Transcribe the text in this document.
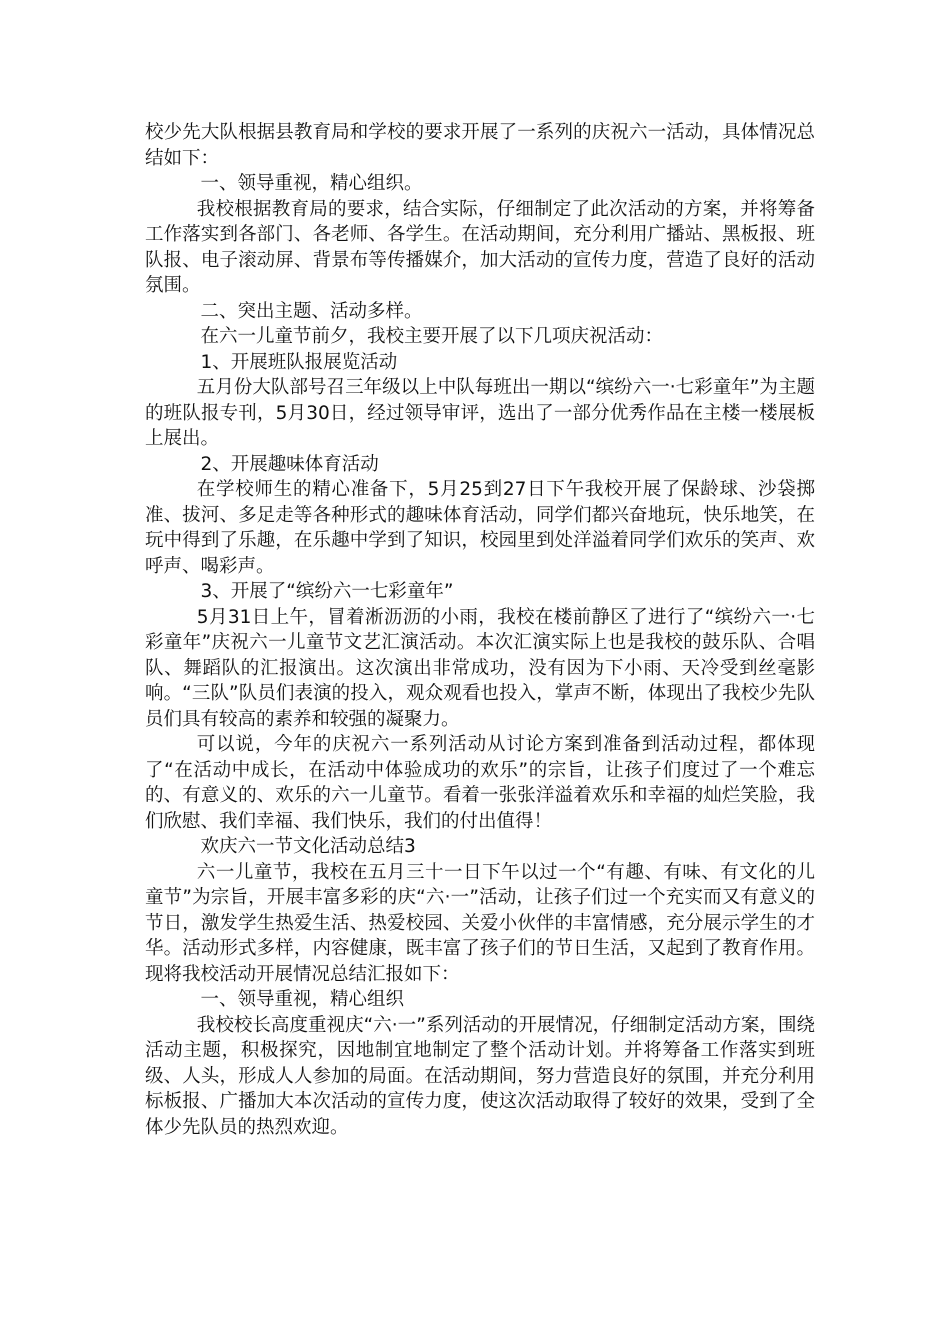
校少先大队根据县教育局和学校的要求开展了一系列的庆祝六一活动，具体情况总结如下：

一、领导重视，精心组织。

我校根据教育局的要求，结合实际，仔细制定了此次活动的方案，并将筹备工作落实到各部门、各老师、各学生。在活动期间，充分利用广播站、黑板报、班队报、电子滚动屏、背景布等传播媒介，加大活动的宣传力度，营造了良好的活动氛围。

二、突出主题、活动多样。

在六一儿童节前夕，我校主要开展了以下几项庆祝活动：

1、开展班队报展览活动

五月份大队部号召三年级以上中队每班出一期以“缤纷六一·七彩童年”为主题的班队报专刊，5月30日，经过领导审评，选出了一部分优秀作品在主楼一楼展板上展出。

2、开展趣味体育活动

在学校师生的精心准备下，5月25到27日下午我校开展了保龄球、沙袋掷准、拔河、多足走等各种形式的趣味体育活动，同学们都兴奋地玩，快乐地笑，在玩中得到了乐趣，在乐趣中学到了知识，校园里到处洋溢着同学们欢乐的笑声、欢呼声、喝彩声。

3、开展了“缤纷六一七彩童年”

5月31日上午，冒着淅沥沥的小雨，我校在楼前静区了进行了“缤纷六一·七彩童年”庆祝六一儿童节文艺汇演活动。本次汇演实际上也是我校的鼓乐队、合唱队、舞蹈队的汇报演出。这次演出非常成功，没有因为下小雨、天冷受到丝毫影响。“三队”队员们表演的投入，观众观看也投入，掌声不断，体现出了我校少先队员们具有较高的素养和较强的凝聚力。

可以说，今年的庆祝六一系列活动从讨论方案到准备到活动过程，都体现了“在活动中成长，在活动中体验成功的欢乐”的宗旨，让孩子们度过了一个难忘的、有意义的、欢乐的六一儿童节。看着一张张洋溢着欢乐和幸福的灿烂笑脸，我们欣慰、我们幸福、我们快乐，我们的付出值得！

欢庆六一节文化活动总结3

六一儿童节，我校在五月三十一日下午以过一个“有趣、有味、有文化的儿童节”为宗旨，开展丰富多彩的庆“六·一”活动，让孩子们过一个充实而又有意义的节日，激发学生热爱生活、热爱校园、关爱小伙伴的丰富情感，充分展示学生的才华。活动形式多样，内容健康，既丰富了孩子们的节日生活，又起到了教育作用。现将我校活动开展情况总结汇报如下：

一、领导重视，精心组织

我校校长高度重视庆“六·一”系列活动的开展情况，仔细制定活动方案，围绕活动主题，积极探究，因地制宜地制定了整个活动计划。并将筹备工作落实到班级、人头，形成人人参加的局面。在活动期间，努力营造良好的氛围，并充分利用标板报、广播加大本次活动的宣传力度，使这次活动取得了较好的效果，受到了全体少先队员的热烈欢迎。
